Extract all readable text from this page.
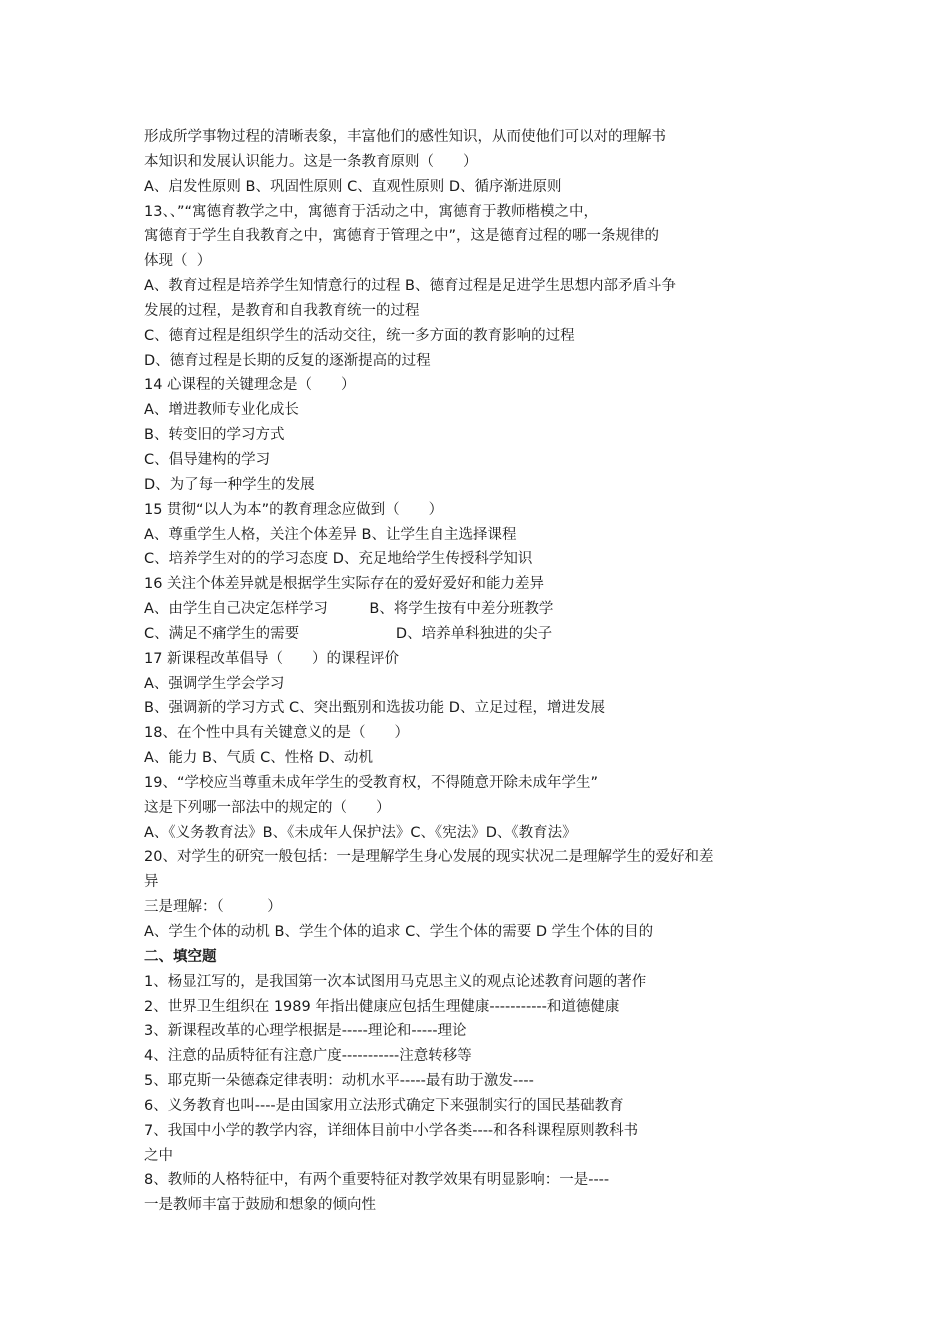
形成所学事物过程的清晰表象，丰富他们的感性知识，从而使他们可以对的理解书
本知识和发展认识能力。这是一条教育原则（　　）
A、启发性原则 B、巩固性原则 C、直观性原则 D、循序渐进原则
13、、”“寓德育教学之中，寓德育于活动之中，寓德育于教师楷模之中，
寓德育于学生自我教育之中，寓德育于管理之中”，这是德育过程的哪一条规律的
体现（  ）
A、教育过程是培养学生知情意行的过程 B、德育过程是足进学生思想内部矛盾斗争
发展的过程，是教育和自我教育统一的过程
C、德育过程是组织学生的活动交往，统一多方面的教育影响的过程
D、德育过程是长期的反复的逐渐提高的过程
14 心课程的关键理念是（　　）
A、增进教师专业化成长
B、转变旧的学习方式
C、倡导建构的学习
D、为了每一种学生的发展
15 贯彻“以人为本”的教育理念应做到（　　）
A、尊重学生人格，关注个体差异 B、让学生自主选择课程
C、培养学生对的的学习态度 D、充足地给学生传授科学知识
16 关注个体差异就是根据学生实际存在的爱好爱好和能力差异
A、由学生自己决定怎样学习         B、将学生按有中差分班教学
C、满足不痛学生的需要                     D、培养单科独进的尖子
17 新课程改革倡导（　　）的课程评价
A、强调学生学会学习
B、强调新的学习方式 C、突出甄别和选拔功能 D、立足过程，增进发展
18、在个性中具有关键意义的是（　　）
A、能力 B、气质 C、性格 D、动机
19、“学校应当尊重未成年学生的受教育权，不得随意开除未成年学生”
这是下列哪一部法中的规定的（　　）
A、《义务教育法》B、《未成年人保护法》C、《宪法》D、《教育法》
20、对学生的研究一般包括：一是理解学生身心发展的现实状况二是理解学生的爱好和差
异
三是理解：（　　　）
A、学生个体的动机 B、学生个体的追求 C、学生个体的需要 D 学生个体的目的
二、填空题
1、杨显江写的，是我国第一次本试图用马克思主义的观点论述教育问题的著作
2、世界卫生组织在 1989 年指出健康应包括生理健康-----------和道德健康
3、新课程改革的心理学根据是-----理论和-----理论
4、注意的品质特征有注意广度-----------注意转移等
5、耶克斯一朵德森定律表明：动机水平-----最有助于激发----
6、义务教育也叫----是由国家用立法形式确定下来强制实行的国民基础教育
7、我国中小学的教学内容，详细体目前中小学各类----和各科课程原则教科书
之中
8、教师的人格特征中，有两个重要特征对教学效果有明显影响：一是----
一是教师丰富于鼓励和想象的倾向性
